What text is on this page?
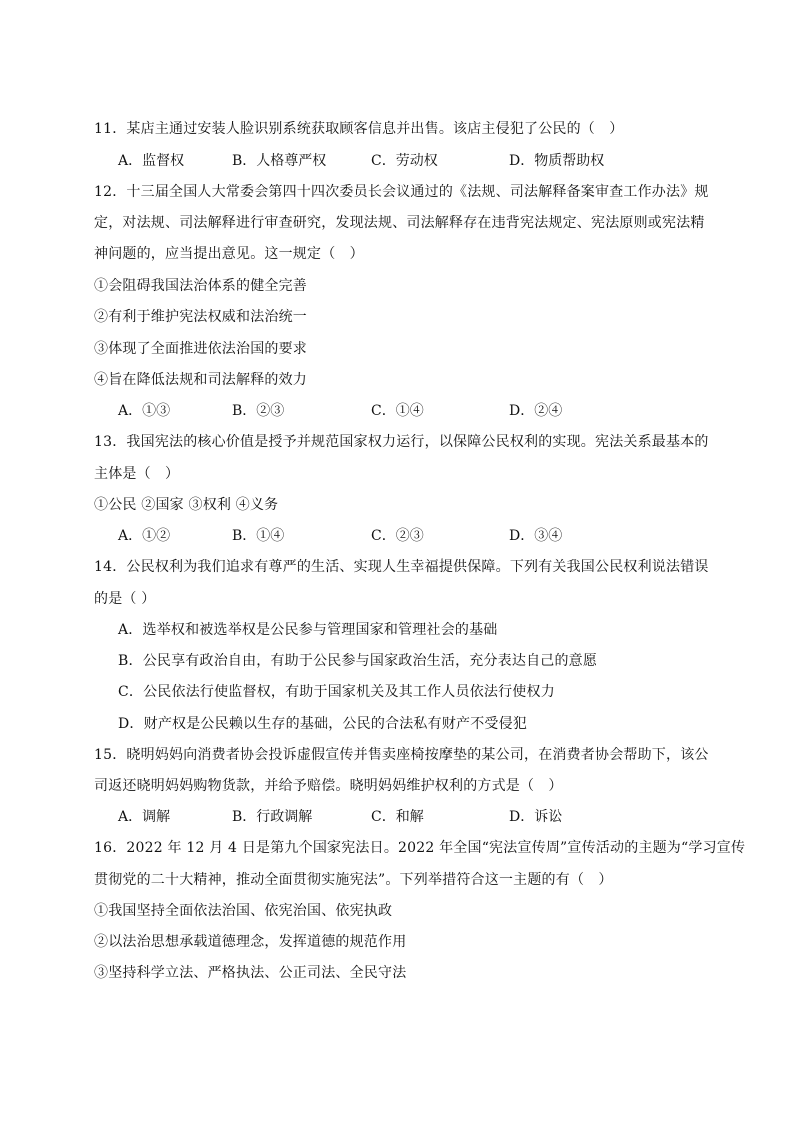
11．某店主通过安装人脸识别系统获取顾客信息并出售。该店主侵犯了公民的（　）
A．监督权	B．人格尊严权	C．劳动权	D．物质帮助权
12．十三届全国人大常委会第四十四次委员长会议通过的《法规、司法解释备案审查工作办法》规
定，对法规、司法解释进行审查研究，发现法规、司法解释存在违背宪法规定、宪法原则或宪法精
神问题的，应当提出意见。这一规定（　）
①会阻碍我国法治体系的健全完善
②有利于维护宪法权威和法治统一
③体现了全面推进依法治国的要求
④旨在降低法规和司法解释的效力
A．①③	B．②③	C．①④	D．②④
13．我国宪法的核心价值是授予并规范国家权力运行，以保障公民权利的实现。宪法关系最基本的
主体是（　）
①公民 ②国家 ③权利 ④义务
A．①②	B．①④	C．②③	D．③④
14．公民权利为我们追求有尊严的生活、实现人生幸福提供保障。下列有关我国公民权利说法错误
的是（ ）
A．选举权和被选举权是公民参与管理国家和管理社会的基础
B．公民享有政治自由，有助于公民参与国家政治生活，充分表达自己的意愿
C．公民依法行使监督权，有助于国家机关及其工作人员依法行使权力
D．财产权是公民赖以生存的基础，公民的合法私有财产不受侵犯
15．晓明妈妈向消费者协会投诉虚假宣传并售卖座椅按摩垫的某公司，在消费者协会帮助下，该公
司返还晓明妈妈购物货款，并给予赔偿。晓明妈妈维护权利的方式是（　）
A．调解	B．行政调解	C．和解	D．诉讼
16．2022 年 12 月 4 日是第九个国家宪法日。2022 年全国“宪法宣传周”宣传活动的主题为“学习宣传
贯彻党的二十大精神，推动全面贯彻实施宪法”。下列举措符合这一主题的有（　）
①我国坚持全面依法治国、依宪治国、依宪执政
②以法治思想承载道德理念，发挥道德的规范作用
③坚持科学立法、严格执法、公正司法、全民守法
